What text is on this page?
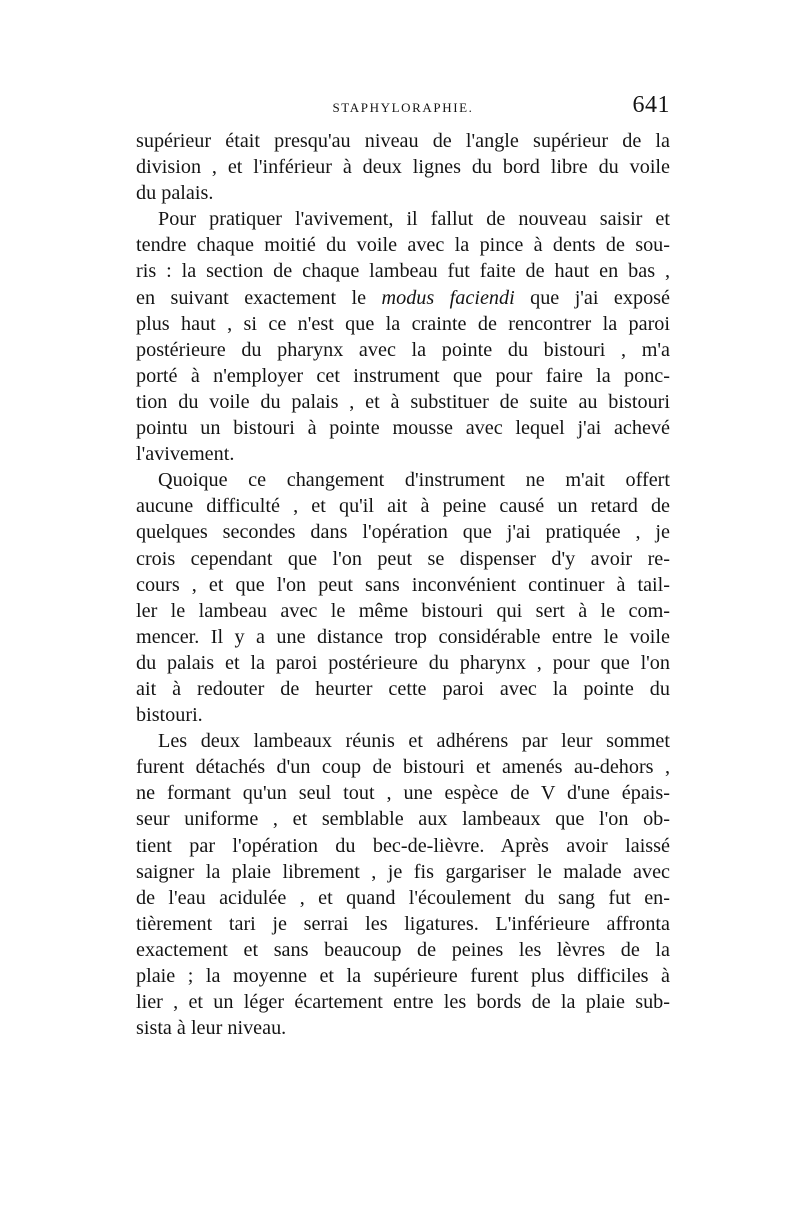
STAPHYLORAPHIE.	641
supérieur était presqu'au niveau de l'angle supérieur de la
division , et l'inférieur à deux lignes du bord libre du voile
du palais.
Pour pratiquer l'avivement, il fallut de nouveau saisir et
tendre chaque moitié du voile avec la pince à dents de sou-
ris : la section de chaque lambeau fut faite de haut en bas ,
en suivant exactement le modus faciendi que j'ai exposé
plus haut , si ce n'est que la crainte de rencontrer la paroi
postérieure du pharynx avec la pointe du bistouri , m'a
porté à n'employer cet instrument que pour faire la ponc-
tion du voile du palais , et à substituer de suite au bistouri
pointu un bistouri à pointe mousse avec lequel j'ai achevé
l'avivement.
Quoique ce changement d'instrument ne m'ait offert
aucune difficulté , et qu'il ait à peine causé un retard de
quelques secondes dans l'opération que j'ai pratiquée , je
crois cependant que l'on peut se dispenser d'y avoir re-
cours , et que l'on peut sans inconvénient continuer à tail-
ler le lambeau avec le même bistouri qui sert à le com-
mencer. Il y a une distance trop considérable entre le voile
du palais et la paroi postérieure du pharynx , pour que l'on
ait à redouter de heurter cette paroi avec la pointe du
bistouri.
Les deux lambeaux réunis et adhérens par leur sommet
furent détachés d'un coup de bistouri et amenés au-dehors ,
ne formant qu'un seul tout , une espèce de V d'une épais-
seur uniforme , et semblable aux lambeaux que l'on ob-
tient par l'opération du bec-de-lièvre. Après avoir laissé
saigner la plaie librement , je fis gargariser le malade avec
de l'eau acidulée , et quand l'écoulement du sang fut en-
tièrement tari je serrai les ligatures. L'inférieure affronta
exactement et sans beaucoup de peines les lèvres de la
plaie ; la moyenne et la supérieure furent plus difficiles à
lier , et un léger écartement entre les bords de la plaie sub-
sista à leur niveau.
